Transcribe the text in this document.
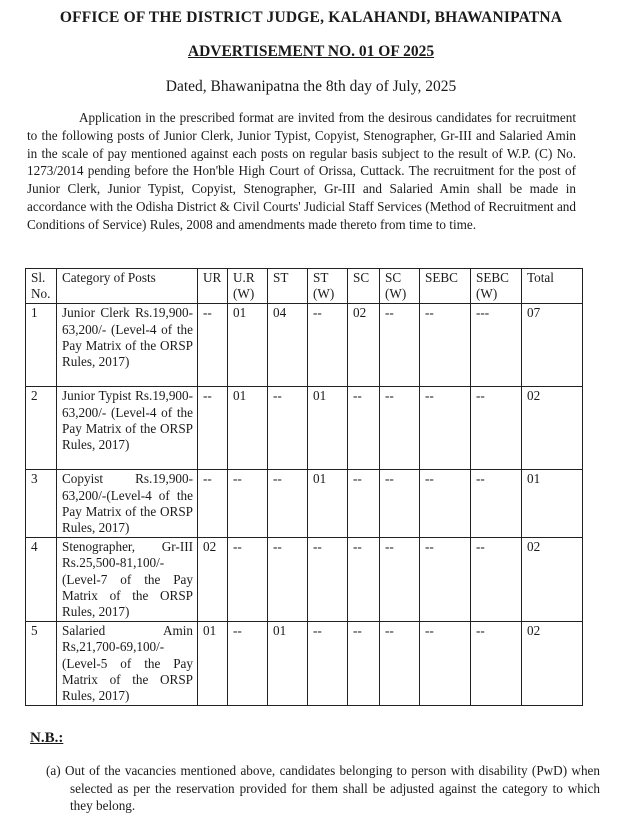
OFFICE OF THE DISTRICT JUDGE, KALAHANDI, BHAWANIPATNA
ADVERTISEMENT NO. 01 OF 2025
Dated, Bhawanipatna the 8th day of July, 2025

Application in the prescribed format are invited from the desirous candidates for recruitment to the following posts of Junior Clerk, Junior Typist, Copyist, Stenographer, Gr-III and Salaried Amin in the scale of pay mentioned against each posts on regular basis subject to the result of W.P. (C) No. 1273/2014 pending before the Hon'ble High Court of Orissa, Cuttack. The recruitment for the post of Junior Clerk, Junior Typist, Copyist, Stenographer, Gr-III and Salaried Amin shall be made in accordance with the Odisha District & Civil Courts' Judicial Staff Services (Method of Recruitment and Conditions of Service) Rules, 2008 and amendments made thereto from time to time.

Sl. No.	Category of Posts	UR	U.R (W)	ST	ST (W)	SC	SC (W)	SEBC	SEBC (W)	Total
1	Junior Clerk Rs.19,900-63,200/- (Level-4 of the Pay Matrix of the ORSP Rules, 2017)	--	01	04	--	02	--	--	---	07
2	Junior Typist Rs.19,900-63,200/- (Level-4 of the Pay Matrix of the ORSP Rules, 2017)	--	01	--	01	--	--	--	--	02
3	Copyist Rs.19,900-63,200/-(Level-4 of the Pay Matrix of the ORSP Rules, 2017)	--	--	--	01	--	--	--	--	01
4	Stenographer, Gr-III Rs.25,500-81,100/- (Level-7 of the Pay Matrix of the ORSP Rules, 2017)	02	--	--	--	--	--	--	--	02
5	Salaried Amin Rs,21,700-69,100/- (Level-5 of the Pay Matrix of the ORSP Rules, 2017)	01	--	01	--	--	--	--	--	02
N.B.:

(a) Out of the vacancies mentioned above, candidates belonging to person with disability (PwD) when selected as per the reservation provided for them shall be adjusted against the category to which they belong.
